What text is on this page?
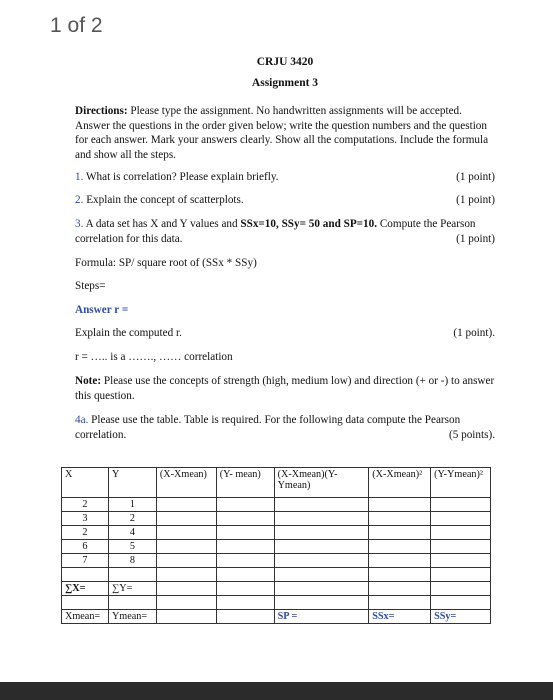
1 of 2
CRJU 3420
Assignment 3
Directions: Please type the assignment. No handwritten assignments will be accepted. Answer the questions in the order given below; write the question numbers and the question for each answer. Mark your answers clearly. Show all the computations. Include the formula and show all the steps.
1. What is correlation? Please explain briefly.	(1 point)
2. Explain the concept of scatterplots.	(1 point)
3. A data set has X and Y values and SSx=10, SSy= 50 and SP=10. Compute the Pearson correlation for this data.	(1 point)
Formula: SP/ square root of (SSx * SSy)
Steps=
Answer r =
Explain the computed r.	(1 point).
r = ….. is a ……., …… correlation
Note: Please use the concepts of strength (high, medium low) and direction (+ or -) to answer this question.
4a. Please use the table. Table is required. For the following data compute the Pearson correlation.	(5 points).
X	Y	(X-Xmean)	(Y- mean)	(X-Xmean)(Y-Ymean)	(X-Xmean)²	(Y-Ymean)²
2	1					
3	2					
2	4					
6	5					
7	8					

∑X=	∑Y=					

Xmean=	Ymean=			SP =	SSx=	SSy=
